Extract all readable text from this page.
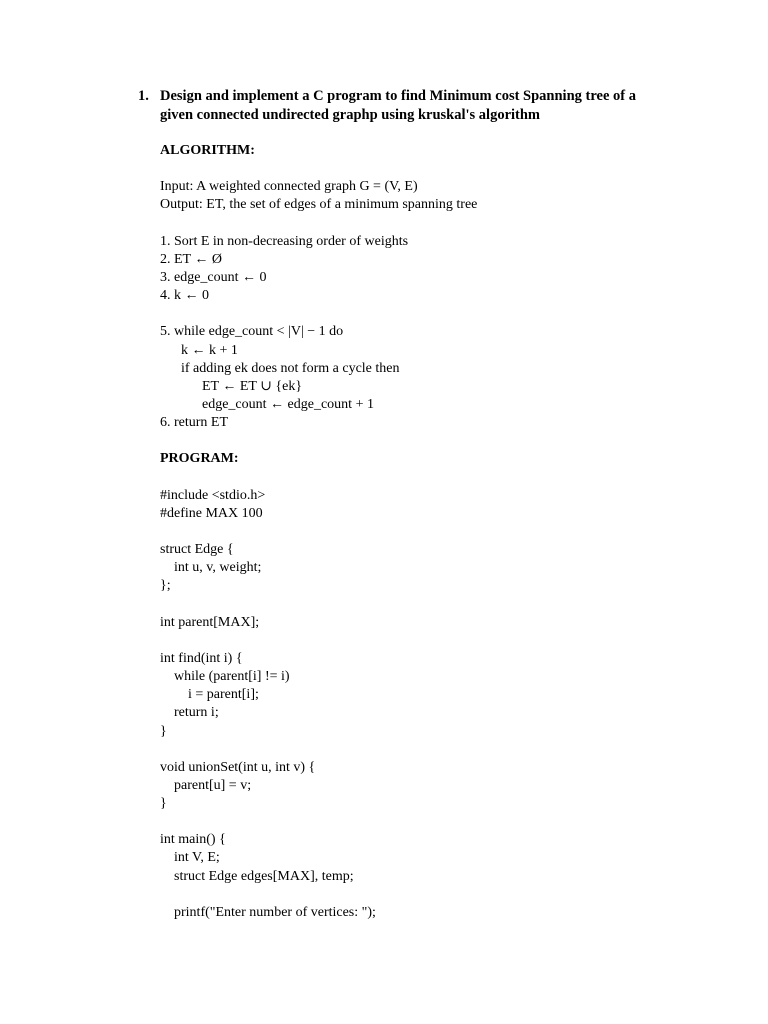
1. Design and implement a C program to find Minimum cost Spanning tree of a
given connected undirected graphp using kruskal's algorithm
ALGORITHM:
Input: A weighted connected graph G = (V, E)
Output: ET, the set of edges of a minimum spanning tree
1. Sort E in non-decreasing order of weights
2. ET ← Ø
3. edge_count ← 0
4. k ← 0
5. while edge_count < |V| − 1 do
k ← k + 1
if adding ek does not form a cycle then
ET ← ET ∪ {ek}
edge_count ← edge_count + 1
6. return ET
PROGRAM:
#include <stdio.h>
#define MAX 100
struct Edge {
int u, v, weight;
};
int parent[MAX];
int find(int i) {
while (parent[i] != i)
i = parent[i];
return i;
}
void unionSet(int u, int v) {
parent[u] = v;
}
int main() {
int V, E;
struct Edge edges[MAX], temp;
printf("Enter number of vertices: ");
